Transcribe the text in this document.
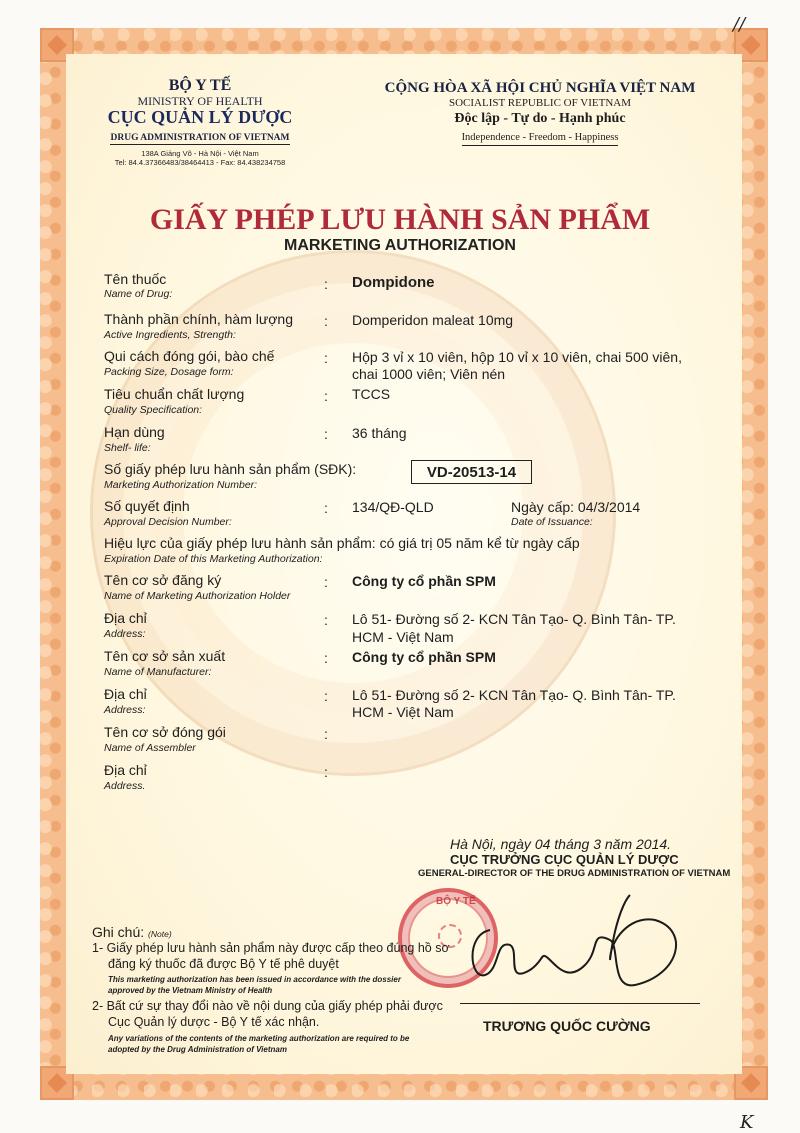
//
K
BỘ Y TẾ
MINISTRY OF HEALTH
CỤC QUẢN LÝ DƯỢC
DRUG ADMINISTRATION OF VIETNAM
138A Giảng Võ - Hà Nội - Việt Nam
Tel: 84.4.37366483/38464413 - Fax: 84.438234758
CỘNG HÒA XÃ HỘI CHỦ NGHĨA VIỆT NAM
SOCIALIST REPUBLIC OF VIETNAM
Độc lập - Tự do - Hạnh phúc
Independence - Freedom - Happiness
GIẤY PHÉP LƯU HÀNH SẢN PHẨM
MARKETING AUTHORIZATION
Tên thuốc
Name of Drug:
: Dompidone
Thành phần chính, hàm lượng
Active Ingredients, Strength:
: Domperidon maleat 10mg
Qui cách đóng gói, bào chế
Packing Size, Dosage form:
: Hộp 3 vỉ x 10 viên, hộp 10 vỉ x 10 viên, chai 500 viên,
chai 1000 viên; Viên nén
Tiêu chuẩn chất lượng
Quality Specification:
: TCCS
Hạn dùng
Shelf- life:
: 36 tháng
Số giấy phép lưu hành sản phẩm (SĐK):
Marketing Authorization Number:
VD-20513-14
Số quyết định
Approval Decision Number:
: 134/QĐ-QLD	Ngày cấp: 04/3/2014
Date of Issuance:
Hiệu lực của giấy phép lưu hành sản phẩm: có giá trị 05 năm kể từ ngày cấp
Expiration Date of this Marketing Authorization:
Tên cơ sở đăng ký
Name of Marketing Authorization Holder
: Công ty cổ phần SPM
Địa chỉ
Address:
: Lô 51- Đường số 2- KCN Tân Tạo- Q. Bình Tân- TP.
HCM - Việt Nam
Tên cơ sở sản xuất
Name of Manufacturer:
: Công ty cổ phần SPM
Địa chỉ
Address:
: Lô 51- Đường số 2- KCN Tân Tạo- Q. Bình Tân- TP.
HCM - Việt Nam
Tên cơ sở đóng gói
Name of Assembler
:
Địa chỉ
Address.
:
Hà Nội, ngày 04 tháng 3 năm 2014.
CỤC TRƯỞNG CỤC QUẢN LÝ DƯỢC
GENERAL-DIRECTOR OF THE DRUG ADMINISTRATION OF VIETNAM
BỘ Y TẾ
TRƯƠNG QUỐC CƯỜNG
Ghi chú: (Note)
1- Giấy phép lưu hành sản phẩm này được cấp theo đúng hồ sơ
đăng ký thuốc đã được Bộ Y tế phê duyệt
This marketing authorization has been issued in accordance with the dossier
approved by the Vietnam Ministry of Health
2- Bất cứ sự thay đổi nào về nội dung của giấy phép phải được
Cục Quản lý dược - Bộ Y tế xác nhận.
Any variations of the contents of the marketing authorization are required to be
adopted by the Drug Administration of Vietnam
